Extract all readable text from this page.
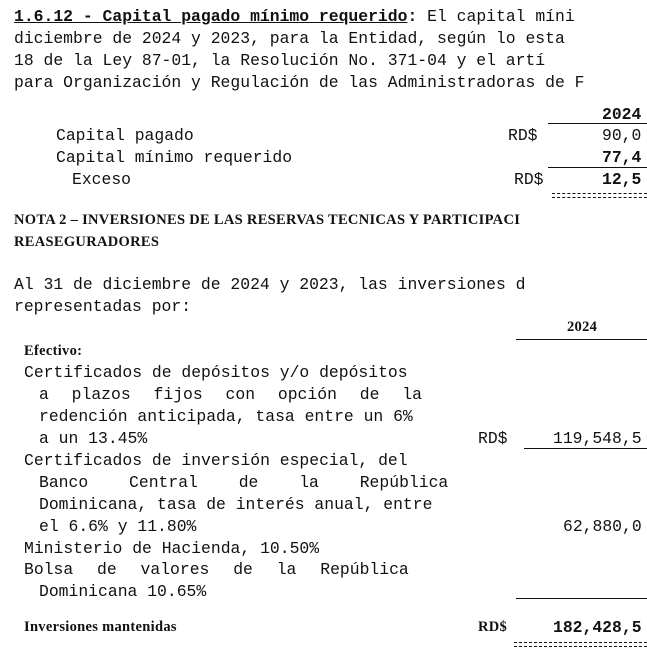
1.6.12 - Capital pagado mínimo requerido: El capital míni
diciembre de 2024 y 2023, para la Entidad, según lo esta
18 de la Ley 87-01, la Resolución No. 371-04 y el artí
para Organización y Regulación de las Administradoras de F
2024
Capital pagado	RD$	90,0
Capital mínimo requerido	77,4
Exceso	RD$	12,5
NOTA 2 – INVERSIONES DE LAS RESERVAS TECNICAS Y PARTICIPACI
REASEGURADORES
Al 31 de diciembre de 2024 y 2023, las inversiones d
representadas por:
2024
Efectivo:
Certificados de depósitos y/o depósitos
a plazos fijos con opción de la
redención anticipada, tasa entre un 6%
a un 13.45%	RD$	119,548,5
Certificados de inversión especial, del
Banco Central de la República
Dominicana, tasa de interés anual, entre
el 6.6% y 11.80%	62,880,0
Ministerio de Hacienda, 10.50%
Bolsa de valores de la República
Dominicana 10.65%
Inversiones mantenidas	RD$	182,428,5
